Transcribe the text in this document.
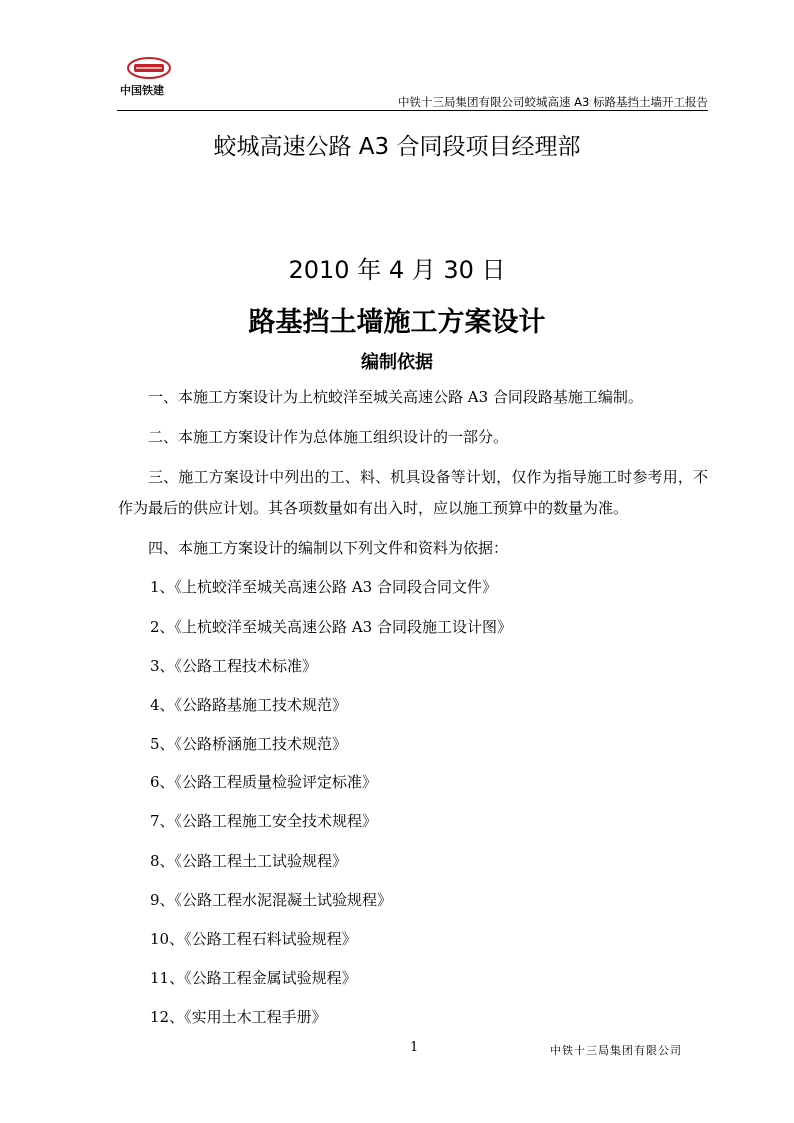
中国铁建
中铁十三局集团有限公司蛟城高速 A3 标路基挡土墙开工报告
蛟城高速公路 A3 合同段项目经理部
2010 年 4 月 30 日
路基挡土墙施工方案设计
编制依据
一、本施工方案设计为上杭蛟洋至城关高速公路 A3 合同段路基施工编制。
二、本施工方案设计作为总体施工组织设计的一部分。
三、施工方案设计中列出的工、料、机具设备等计划，仅作为指导施工时参考用，不作为最后的供应计划。其各项数量如有出入时，应以施工预算中的数量为准。
四、本施工方案设计的编制以下列文件和资料为依据：
1、《上杭蛟洋至城关高速公路 A3 合同段合同文件》
2、《上杭蛟洋至城关高速公路 A3 合同段施工设计图》
3、《公路工程技术标准》
4、《公路路基施工技术规范》
5、《公路桥涵施工技术规范》
6、《公路工程质量检验评定标准》
7、《公路工程施工安全技术规程》
8、《公路工程土工试验规程》
9、《公路工程水泥混凝土试验规程》
10、《公路工程石料试验规程》
11、《公路工程金属试验规程》
12、《实用土木工程手册》
1	中铁十三局集团有限公司
